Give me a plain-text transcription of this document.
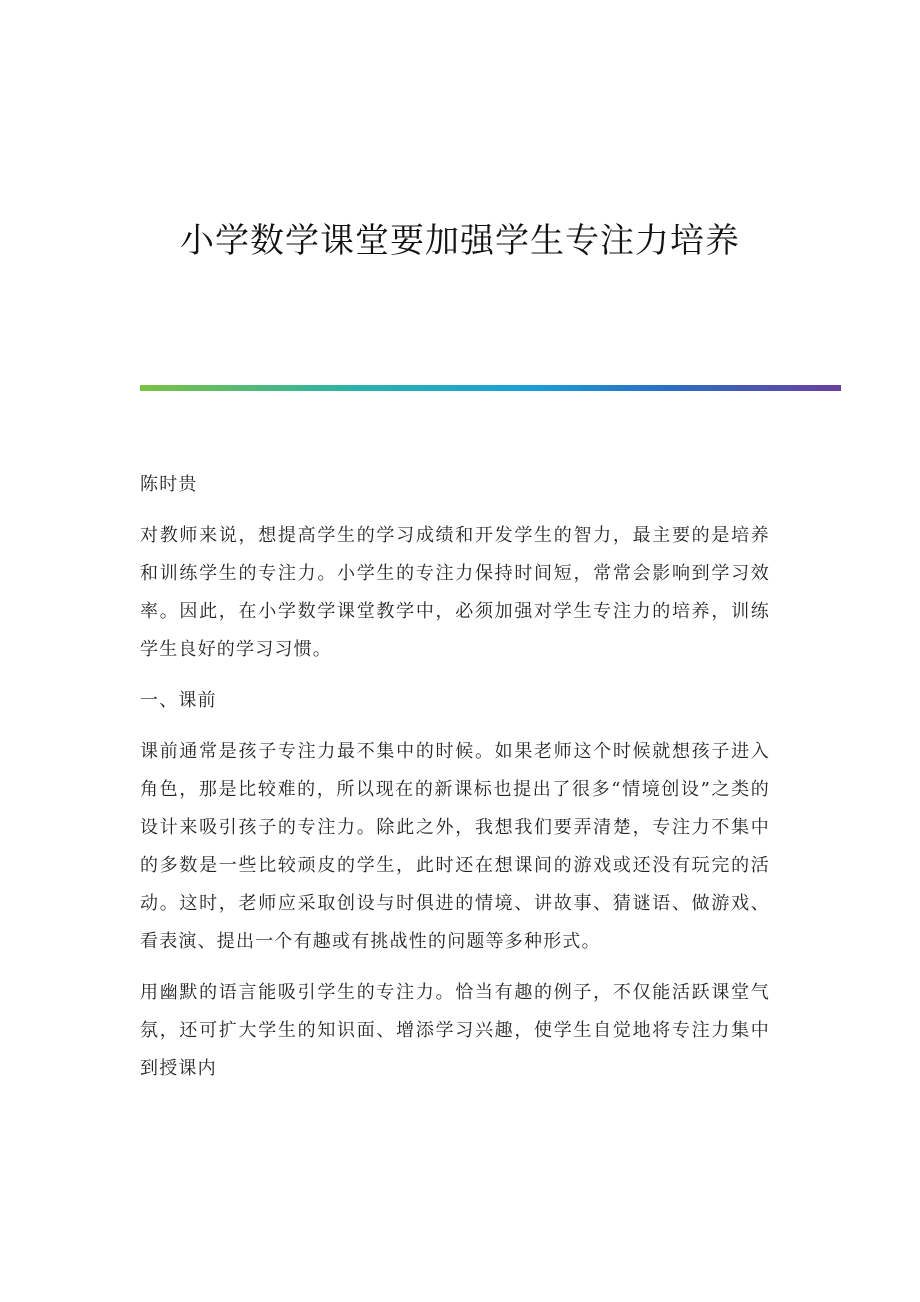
小学数学课堂要加强学生专注力培养

陈时贵

对教师来说，想提高学生的学习成绩和开发学生的智力，最主要的是培养和训练学生的专注力。小学生的专注力保持时间短，常常会影响到学习效率。因此，在小学数学课堂教学中，必须加强对学生专注力的培养，训练学生良好的学习习惯。

一、课前

课前通常是孩子专注力最不集中的时候。如果老师这个时候就想孩子进入角色，那是比较难的，所以现在的新课标也提出了很多“情境创设”之类的设计来吸引孩子的专注力。除此之外，我想我们要弄清楚，专注力不集中的多数是一些比较顽皮的学生，此时还在想课间的游戏或还没有玩完的活动。这时，老师应采取创设与时俱进的情境、讲故事、猜谜语、做游戏、看表演、提出一个有趣或有挑战性的问题等多种形式。

用幽默的语言能吸引学生的专注力。恰当有趣的例子，不仅能活跃课堂气氛，还可扩大学生的知识面、增添学习兴趣，使学生自觉地将专注力集中到授课内
